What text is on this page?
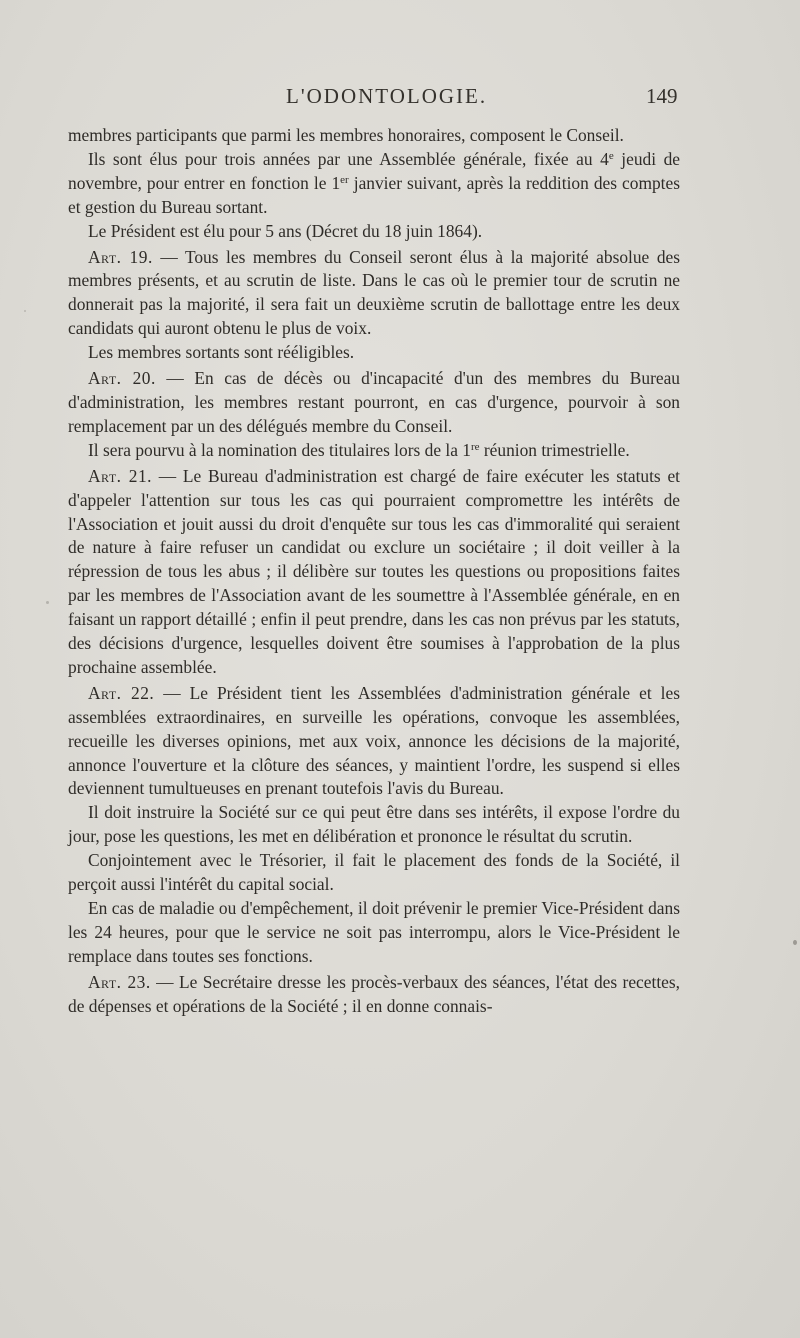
L'ODONTOLOGIE.	149

membres participants que parmi les membres honoraires, composent le Conseil.

Ils sont élus pour trois années par une Assemblée générale, fixée au 4e jeudi de novembre, pour entrer en fonction le 1er janvier suivant, après la reddition des comptes et gestion du Bureau sortant.

Le Président est élu pour 5 ans (Décret du 18 juin 1864).

Art. 19. — Tous les membres du Conseil seront élus à la majorité absolue des membres présents, et au scrutin de liste. Dans le cas où le premier tour de scrutin ne donnerait pas la majorité, il sera fait un deuxième scrutin de ballottage entre les deux candidats qui auront obtenu le plus de voix.

Les membres sortants sont rééligibles.

Art. 20. — En cas de décès ou d'incapacité d'un des membres du Bureau d'administration, les membres restant pourront, en cas d'urgence, pourvoir à son remplacement par un des délégués membre du Conseil.

Il sera pourvu à la nomination des titulaires lors de la 1re réunion trimestrielle.

Art. 21. — Le Bureau d'administration est chargé de faire exécuter les statuts et d'appeler l'attention sur tous les cas qui pourraient compromettre les intérêts de l'Association et jouit aussi du droit d'enquête sur tous les cas d'immoralité qui seraient de nature à faire refuser un candidat ou exclure un sociétaire ; il doit veiller à la répression de tous les abus ; il délibère sur toutes les questions ou propositions faites par les membres de l'Association avant de les soumettre à l'Assemblée générale, en en faisant un rapport détaillé ; enfin il peut prendre, dans les cas non prévus par les statuts, des décisions d'urgence, lesquelles doivent être soumises à l'approbation de la plus prochaine assemblée.

Art. 22. — Le Président tient les Assemblées d'administration générale et les assemblées extraordinaires, en surveille les opérations, convoque les assemblées, recueille les diverses opinions, met aux voix, annonce les décisions de la majorité, annonce l'ouverture et la clôture des séances, y maintient l'ordre, les suspend si elles deviennent tumultueuses en prenant toutefois l'avis du Bureau.

Il doit instruire la Société sur ce qui peut être dans ses intérêts, il expose l'ordre du jour, pose les questions, les met en délibération et prononce le résultat du scrutin.

Conjointement avec le Trésorier, il fait le placement des fonds de la Société, il perçoit aussi l'intérêt du capital social.

En cas de maladie ou d'empêchement, il doit prévenir le premier Vice-Président dans les 24 heures, pour que le service ne soit pas interrompu, alors le Vice-Président le remplace dans toutes ses fonctions.

Art. 23. — Le Secrétaire dresse les procès-verbaux des séances, l'état des recettes, de dépenses et opérations de la Société ; il en donne connais-
